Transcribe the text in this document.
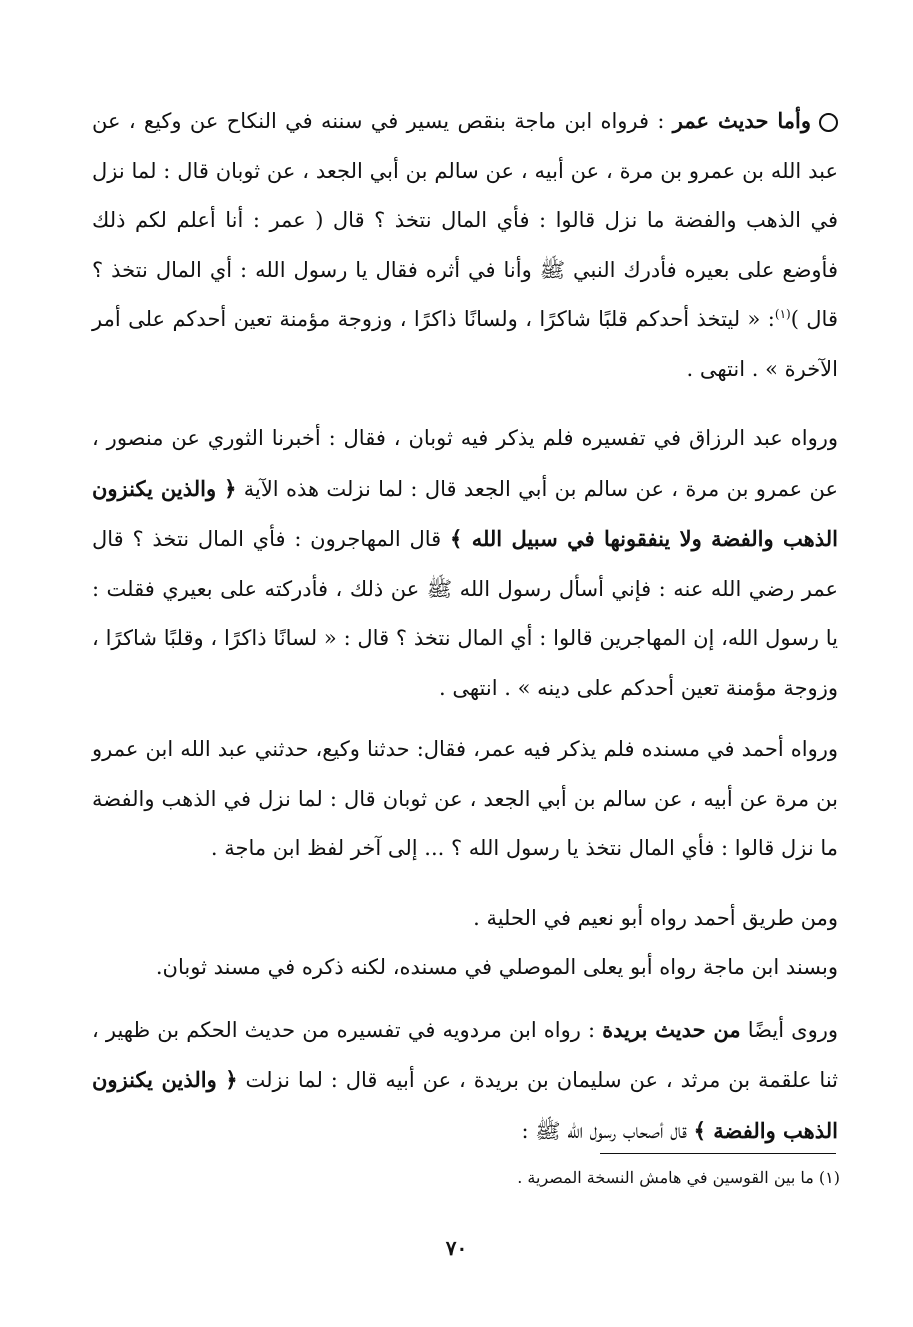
وأما حديث عمر : فرواه ابن ماجة بنقص يسير في سننه في النكاح عن وكيع ، عن عبد الله بن عمرو بن مرة ، عن أبيه ، عن سالم بن أبي الجعد ، عن ثوبان قال : لما نزل في الذهب والفضة ما نزل قالوا : فأي المال نتخذ ؟ قال ( عمر : أنا أعلم لكم ذلك فأوضع على بعيره فأدرك النبي ﷺ وأنا في أثره فقال يا رسول الله : أي المال نتخذ ؟ قال )$^{(١)}$: « ليتخذ أحدكم قلبًا شاكرًا ، ولسانًا ذاكرًا ، وزوجة مؤمنة تعين أحدكم على أمر الآخرة » . انتهى .

ورواه عبد الرزاق في تفسيره فلم يذكر فيه ثوبان ، فقال : أخبرنا الثوري عن منصور ، عن عمرو بن مرة ، عن سالم بن أبي الجعد قال : لما نزلت هذه الآية ﴿ والذين يكنزون الذهب والفضة ولا ينفقونها في سبيل الله ﴾ قال المهاجرون : فأي المال نتخذ ؟ قال عمر رضي الله عنه : فإني أسأل رسول الله ﷺ عن ذلك ، فأدركته على بعيري فقلت : يا رسول الله، إن المهاجرين قالوا : أي المال نتخذ ؟ قال : « لسانًا ذاكرًا ، وقلبًا شاكرًا ، وزوجة مؤمنة تعين أحدكم على دينه » . انتهى .

ورواه أحمد في مسنده فلم يذكر فيه عمر، فقال: حدثنا وكيع، حدثني عبد الله ابن عمرو بن مرة عن أبيه ، عن سالم بن أبي الجعد ، عن ثوبان قال : لما نزل في الذهب والفضة ما نزل قالوا : فأي المال نتخذ يا رسول الله ؟ ... إلى آخر لفظ ابن ماجة .

ومن طريق أحمد رواه أبو نعيم في الحلية .

وبسند ابن ماجة رواه أبو يعلى الموصلي في مسنده، لكنه ذكره في مسند ثوبان.

وروى أيضًا من حديث بريدة : رواه ابن مردويه في تفسيره من حديث الحكم بن ظهير ، ثنا علقمة بن مرثد ، عن سليمان بن بريدة ، عن أبيه قال : لما نزلت ﴿ والذين يكنزون الذهب والفضة ﴾ قال أصحاب رسول الله ﷺ :

(١) ما بين القوسين في هامش النسخة المصرية .
٧٠
